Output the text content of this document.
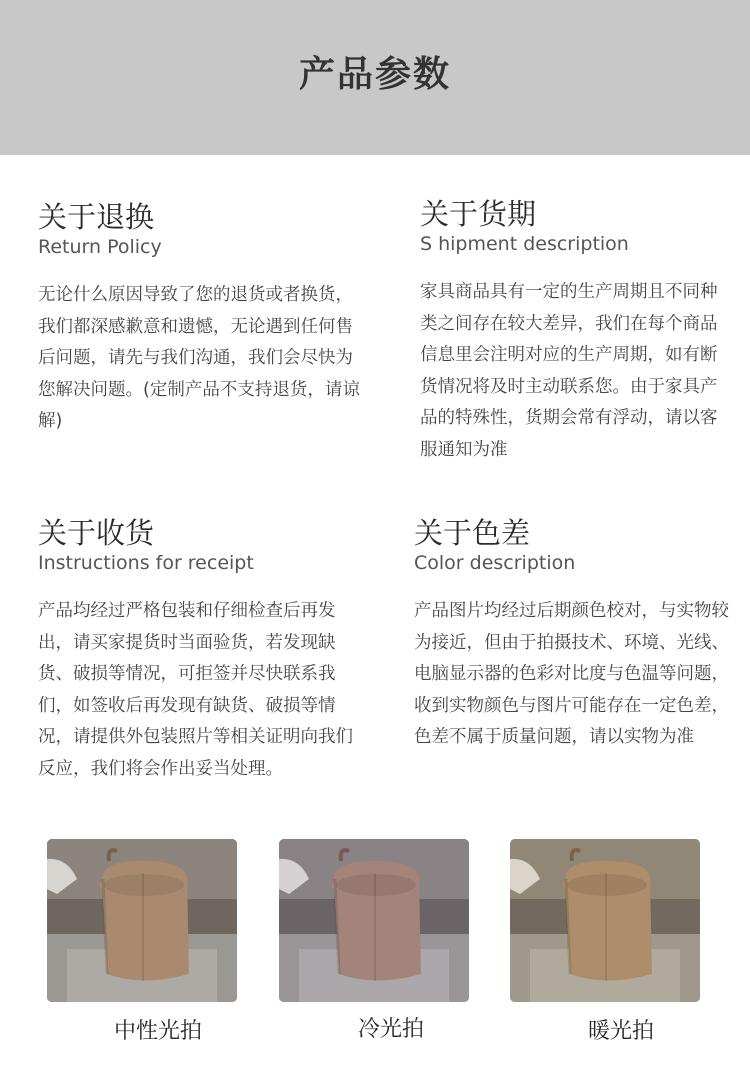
产品参数
关于退换
Return Policy
无论什么原因导致了您的退货或者换货，我们都深感歉意和遗憾，无论遇到任何售后问题，请先与我们沟通，我们会尽快为您解决问题。(定制产品不支持退货，请谅解)
关于货期
S hipment description
家具商品具有一定的生产周期且不同种类之间存在较大差异，我们在每个商品信息里会注明对应的生产周期，如有断货情况将及时主动联系您。由于家具产品的特殊性，货期会常有浮动，请以客服通知为准
关于收货
Instructions for receipt
产品均经过严格包装和仔细检查后再发出，请买家提货时当面验货，若发现缺货、破损等情况，可拒签并尽快联系我们，如签收后再发现有缺货、破损等情况，请提供外包装照片等相关证明向我们反应，我们将会作出妥当处理。
关于色差
Color description
产品图片均经过后期颜色校对，与实物较为接近，但由于拍摄技术、环境、光线、电脑显示器的色彩对比度与色温等问题，收到实物颜色与图片可能存在一定色差，色差不属于质量问题，请以实物为准
中性光拍	冷光拍	暖光拍
